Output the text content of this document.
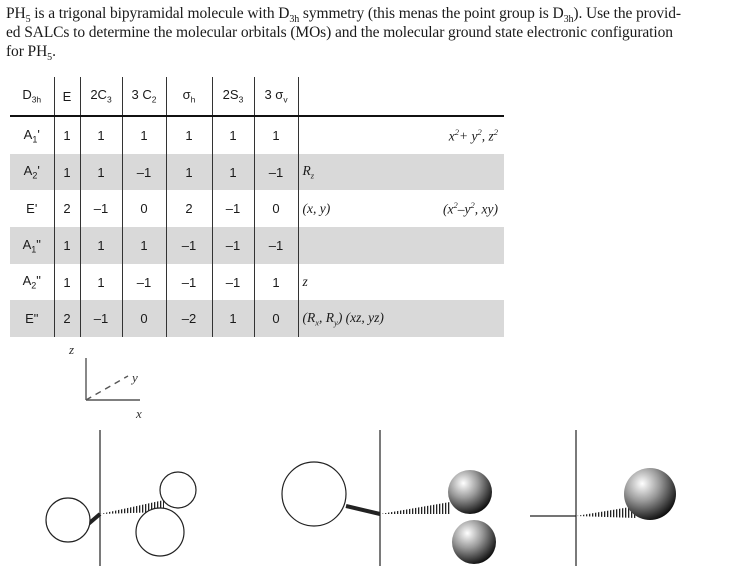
$PH_5$ is a trigonal bipyramidal molecule with $D_{3h}$ symmetry (this menas the point group is $D_{3h}$). Use the provid-
ed SALCs to determine the molecular orbitals (MOs) and the molecular ground state electronic configuration
for $PH_5$.
$D_{3h}$	E	$2C_3$	3 $C_2$	$\sigma_h$	$2S_3$	3 $\sigma_v$		
$A_1'$	1	1	1	1	1	1		$x^2+ y^2$, $z^2$
$A_2'$	1	1	–1	1	1	–1	$R_z$	
E'	2	–1	0	2	–1	0	(x, y)	($x^2-y^2$, xy)
$A_1$"	1	1	1	–1	–1	–1		
$A_2$"	1	1	–1	–1	–1	1	z	
E"	2	–1	0	–2	1	0	($R_x$, $R_y$) (xz, yz)	
z
y
x
